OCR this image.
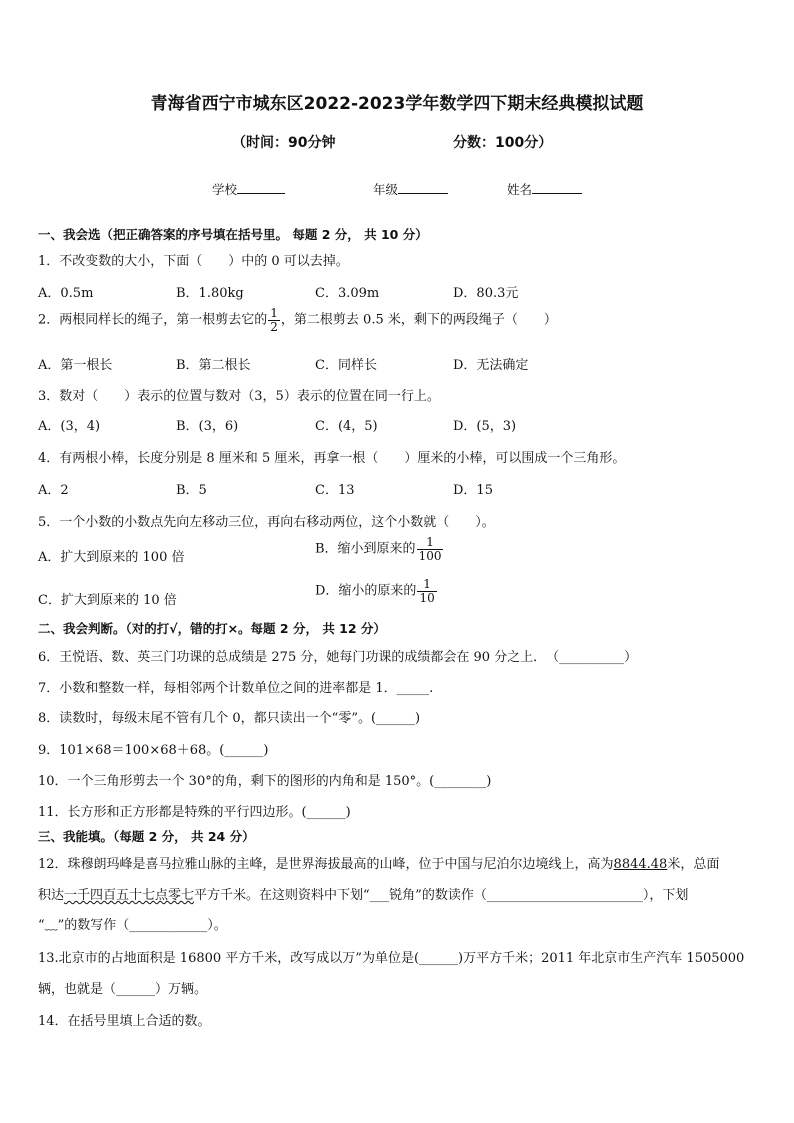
青海省西宁市城东区2022-2023学年数学四下期末经典模拟试题
（时间：90分钟	分数：100分）
学校	年级	姓名
一、我会选（把正确答案的序号填在括号里。 每题 2 分， 共 10 分）
1．不改变数的大小，下面（　　）中的 0 可以去掉。
A．0.5m	B．1.80kg	C．3.09m	D．80.3元
2．两根同样长的绳子，第一根剪去它的 $\frac{1}{2}$ ，第二根剪去 0.5 米，剩下的两段绳子（　　）
A．第一根长	B．第二根长	C．同样长	D．无法确定
3．数对（　　）表示的位置与数对（3，5）表示的位置在同一行上。
A．(3，4)	B．(3，6)	C．(4，5)	D．(5，3)
4．有两根小棒，长度分别是 8 厘米和 5 厘米，再拿一根（　　）厘米的小棒，可以围成一个三角形。
A．2	B．5	C．13	D．15
5．一个小数的小数点先向左移动三位，再向右移动两位，这个小数就（　　）。
A．扩大到原来的 100 倍
B．缩小到原来的 $\frac{1}{100}$
C．扩大到原来的 10 倍
D．缩小的原来的 $\frac{1}{10}$
二、我会判断。（对的打√，错的打×。每题 2 分， 共 12 分）
6．王悦语、数、英三门功课的总成绩是 275 分，她每门功课的成绩都会在 90 分之上．　（__________）
7．小数和整数一样，每相邻两个计数单位之间的进率都是 1．_____.
8．读数时，每级末尾不管有几个 0，都只读出一个“零”。(______)
9．101×68＝100×68＋68。(______)
10．一个三角形剪去一个 30°的角，剩下的图形的内角和是 150°。(________)
11．长方形和正方形都是特殊的平行四边形。(______)
三、我能填。（每题 2 分， 共 24 分）
12．珠穆朗玛峰是喜马拉雅山脉的主峰，是世界海拔最高的山峰，位于中国与尼泊尔边境线上，高为8844.48米，总面
积达一千四百五十七点零七平方千米。在这则资料中下划“___锐角”的数读作（________________________），下划
“﹏”的数写作（____________）。
13.北京市的占地面积是 16800 平方千米，改写成以万”为单位是(______)万平方千米；2011 年北京市生产汽车 1505000
辆，也就是（______）万辆。
14．在括号里填上合适的数。
